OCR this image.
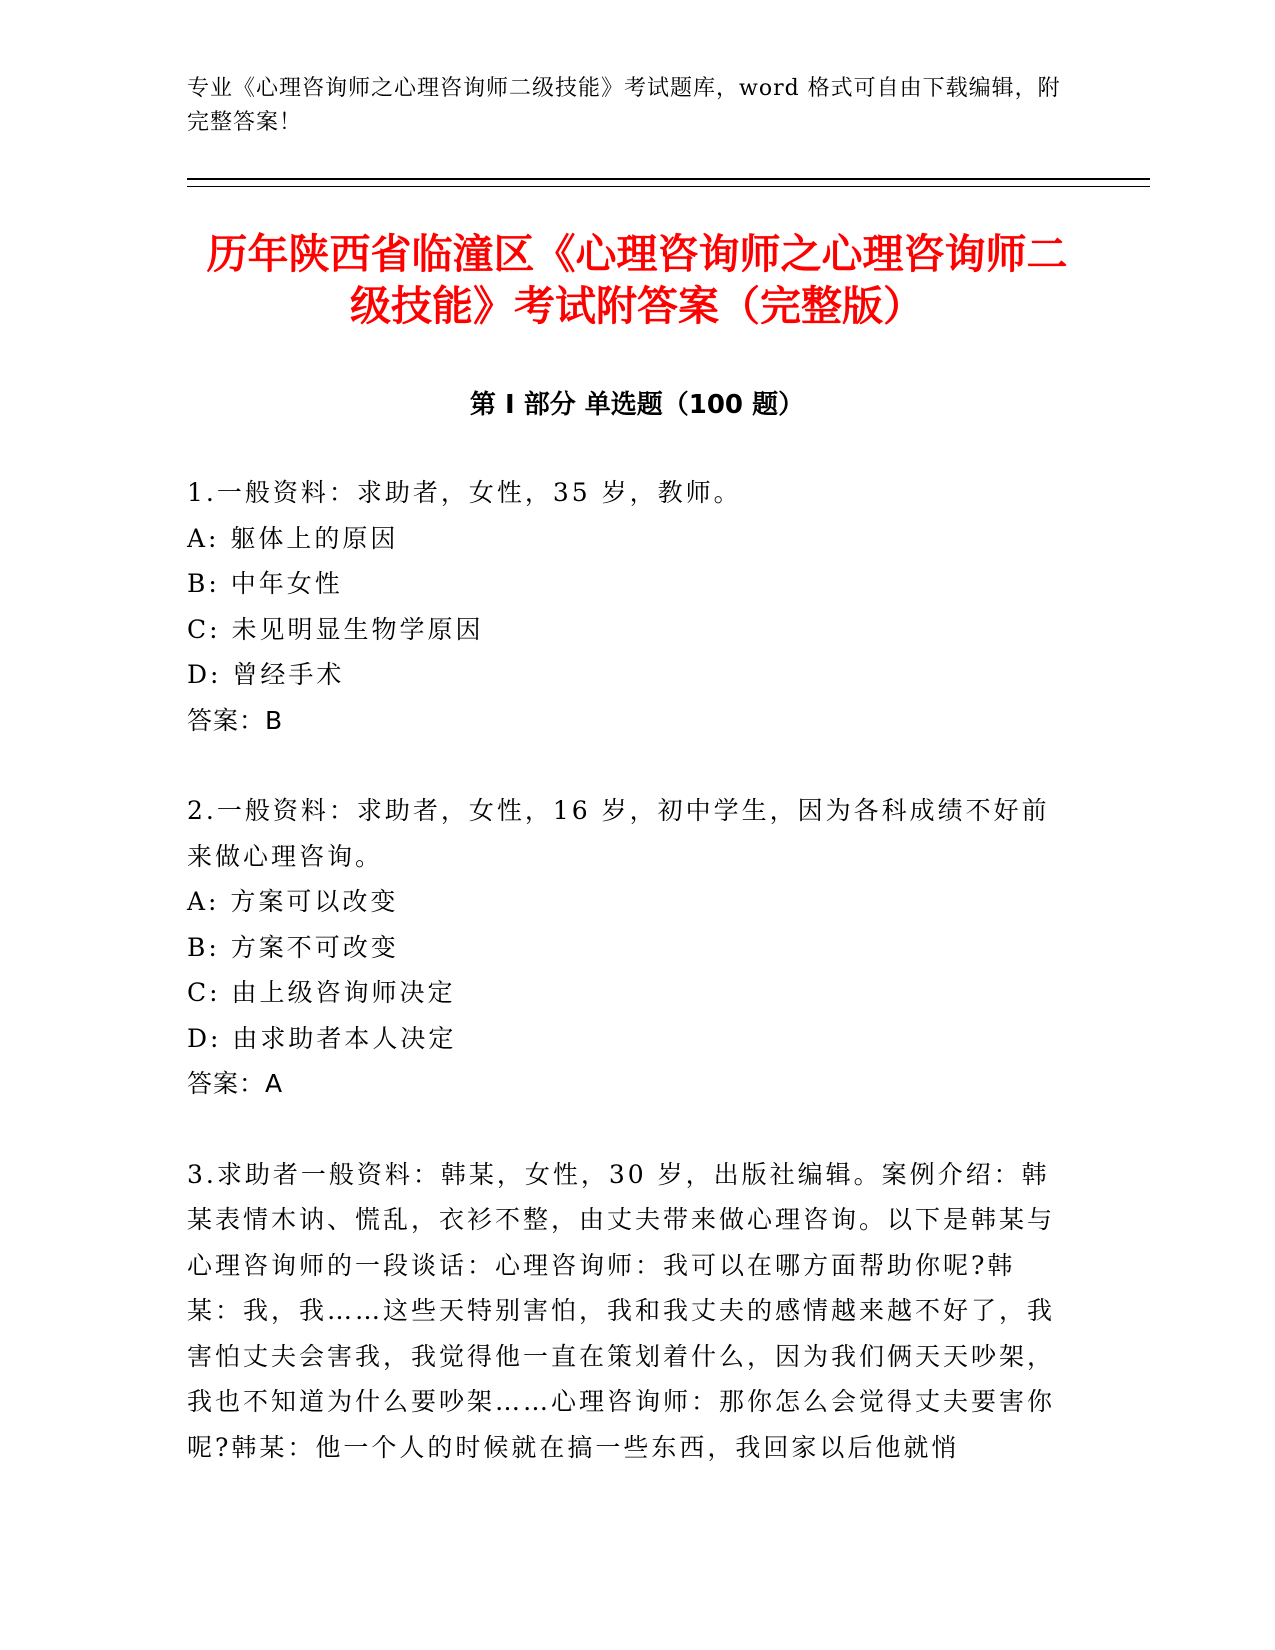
专业《心理咨询师之心理咨询师二级技能》考试题库，word 格式可自由下载编辑，附完整答案！
历年陕西省临潼区《心理咨询师之心理咨询师二级技能》考试附答案（完整版）
第 I 部分 单选题（100 题）

1.一般资料：求助者，女性，35 岁，教师。

A: 躯体上的原因

B: 中年女性

C: 未见明显生物学原因

D: 曾经手术

答案：B

2.一般资料：求助者，女性，16 岁，初中学生，因为各科成绩不好前来做心理咨询。

A: 方案可以改变

B: 方案不可改变

C: 由上级咨询师决定

D: 由求助者本人决定

答案：A

3.求助者一般资料：韩某，女性，30 岁，出版社编辑。案例介绍：韩某表情木讷、慌乱，衣衫不整，由丈夫带来做心理咨询。以下是韩某与心理咨询师的一段谈话：心理咨询师：我可以在哪方面帮助你呢?韩某：我，我……这些天特别害怕，我和我丈夫的感情越来越不好了，我害怕丈夫会害我，我觉得他一直在策划着什么，因为我们俩天天吵架，我也不知道为什么要吵架……心理咨询师：那你怎么会觉得丈夫要害你呢?韩某：他一个人的时候就在搞一些东西，我回家以后他就悄
